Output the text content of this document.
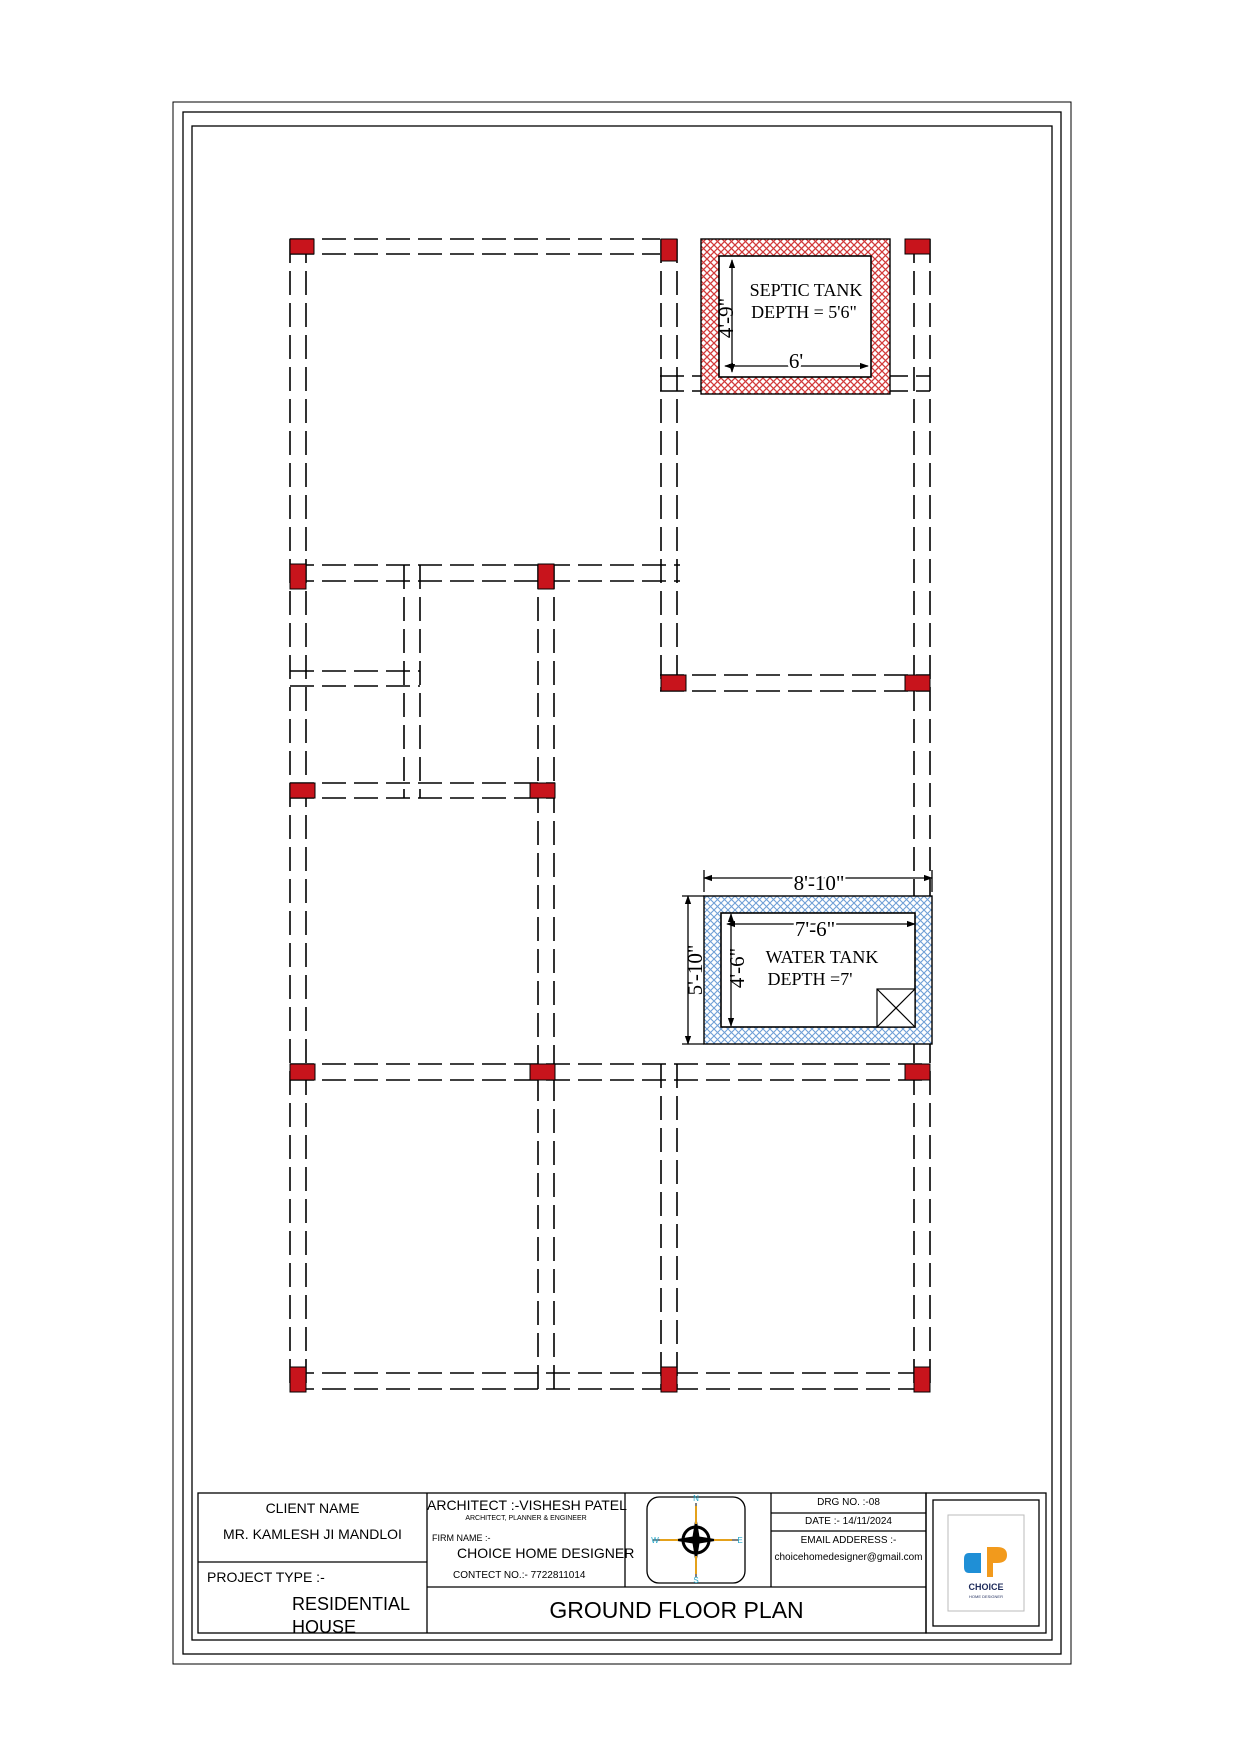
4'-9"
6'
SEPTIC TANK
DEPTH = 5'6"
8'-10"
7'-6"
5'-10" 4'-6" WATER TANK
DEPTH =7'
N
S
W	E
CHOICE
HOME DESIGNER
CLIENT NAME
MR. KAMLESH JI MANDLOI
PROJECT TYPE :-
RESIDENTIAL
HOUSE
ARCHITECT :-VISHESH PATEL
ARCHITECT, PLANNER & ENGINEER
FIRM NAME :-
CHOICE HOME DESIGNER
CONTECT NO.:- 7722811014
DRG NO. :-08
DATE :- 14/11/2024
EMAIL ADDERESS :-
choicehomedesigner@gmail.com
GROUND FLOOR PLAN
